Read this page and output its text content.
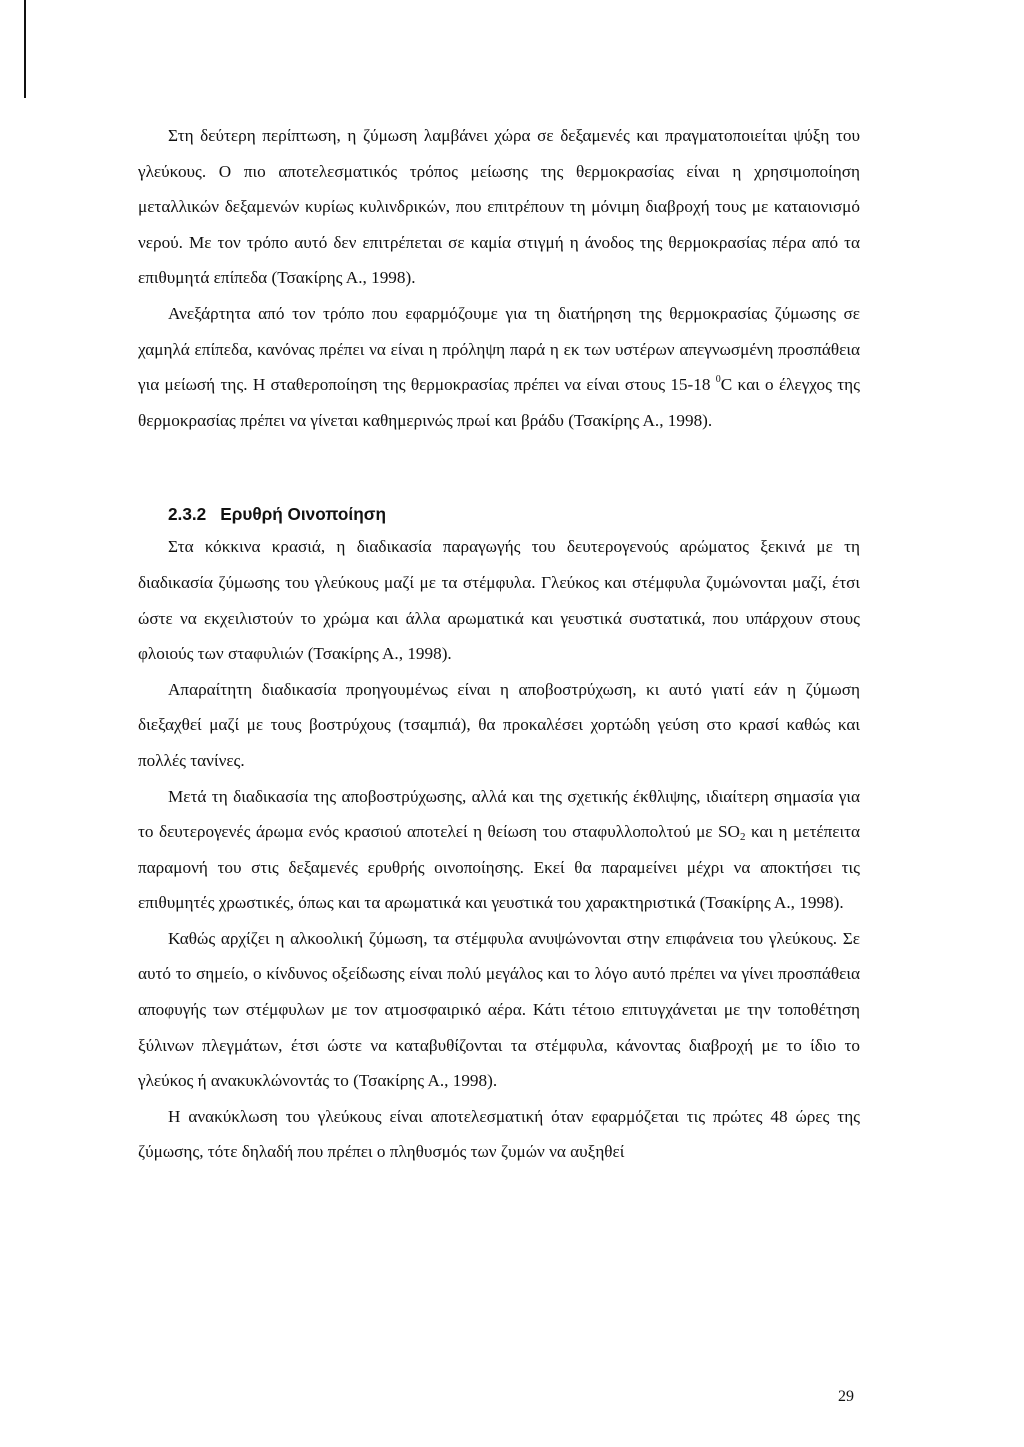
Στη δεύτερη περίπτωση, η ζύμωση λαμβάνει χώρα σε δεξαμενές και πραγματοποιείται ψύξη του γλεύκους. Ο πιο αποτελεσματικός τρόπος μείωσης της θερμοκρασίας είναι η χρησιμοποίηση μεταλλικών δεξαμενών κυρίως κυλινδρικών, που επιτρέπουν τη μόνιμη διαβροχή τους με καταιονισμό νερού. Με τον τρόπο αυτό δεν επιτρέπεται σε καμία στιγμή η άνοδος της θερμοκρασίας πέρα από τα επιθυμητά επίπεδα (Τσακίρης Α., 1998).

Ανεξάρτητα από τον τρόπο που εφαρμόζουμε για τη διατήρηση της θερμοκρασίας ζύμωσης σε χαμηλά επίπεδα, κανόνας πρέπει να είναι η πρόληψη παρά η εκ των υστέρων απεγνωσμένη προσπάθεια για μείωσή της. Η σταθεροποίηση της θερμοκρασίας πρέπει να είναι στους 15-18 $^0$C και ο έλεγχος της θερμοκρασίας πρέπει να γίνεται καθημερινώς πρωί και βράδυ (Τσακίρης Α., 1998).

2.3.2 Ερυθρή Οινοποίηση

Στα κόκκινα κρασιά, η διαδικασία παραγωγής του δευτερογενούς αρώματος ξεκινά με τη διαδικασία ζύμωσης του γλεύκους μαζί με τα στέμφυλα. Γλεύκος και στέμφυλα ζυμώνονται μαζί, έτσι ώστε να εκχειλιστούν το χρώμα και άλλα αρωματικά και γευστικά συστατικά, που υπάρχουν στους φλοιούς των σταφυλιών (Τσακίρης Α., 1998).

Απαραίτητη διαδικασία προηγουμένως είναι η αποβοστρύχωση, κι αυτό γιατί εάν η ζύμωση διεξαχθεί μαζί με τους βοστρύχους (τσαμπιά), θα προκαλέσει χορτώδη γεύση στο κρασί καθώς και πολλές τανίνες.

Μετά τη διαδικασία της αποβοστρύχωσης, αλλά και της σχετικής έκθλιψης, ιδιαίτερη σημασία για το δευτερογενές άρωμα ενός κρασιού αποτελεί η θείωση του σταφυλλοπολτού με $SO_2$ και η μετέπειτα παραμονή του στις δεξαμενές ερυθρής οινοποίησης. Εκεί θα παραμείνει μέχρι να αποκτήσει τις επιθυμητές χρωστικές, όπως και τα αρωματικά και γευστικά του χαρακτηριστικά (Τσακίρης Α., 1998).

Καθώς αρχίζει η αλκοολική ζύμωση, τα στέμφυλα ανυψώνονται στην επιφάνεια του γλεύκους. Σε αυτό το σημείο, ο κίνδυνος οξείδωσης είναι πολύ μεγάλος και το λόγο αυτό πρέπει να γίνει προσπάθεια αποφυγής των στέμφυλων με τον ατμοσφαιρικό αέρα. Κάτι τέτοιο επιτυγχάνεται με την τοποθέτηση ξύλινων πλεγμάτων, έτσι ώστε να καταβυθίζονται τα στέμφυλα, κάνοντας διαβροχή με το ίδιο το γλεύκος ή ανακυκλώνοντάς το (Τσακίρης Α., 1998).

Η ανακύκλωση του γλεύκους είναι αποτελεσματική όταν εφαρμόζεται τις πρώτες 48 ώρες της ζύμωσης, τότε δηλαδή που πρέπει ο πληθυσμός των ζυμών να αυξηθεί

29
